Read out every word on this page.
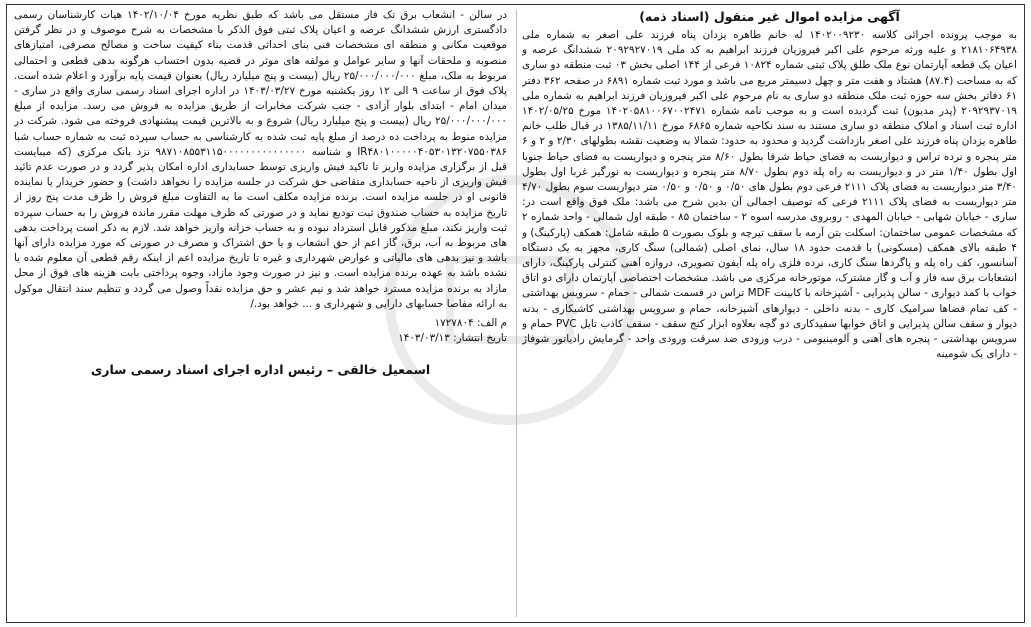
آگهی مزایده اموال غیر منقول (اسناد ذمه)

به موجب پرونده اجرائی کلاسه ۱۴۰۲۰۰۹۲۳۰ له خانم طاهره یزدان پناه فرزند علی اصغر به شماره ملی ۲۱۸۱۰۶۴۹۳۸ و علیه ورثه مرحوم علی اکبر فیروزیان فرزند ابراهیم به کد ملی ۲۰۹۲۹۲۷۰۱۹ ششدانگ عرصه و اعیان یک قطعه آپارتمان نوع ملک طلق پلاک ثبتی شماره ۱۰۸۲۴ فرعی از ۱۴۴ اصلی بخش ۰۳ ثبت منطقه دو ساری که به مساحت (۸۷.۴) هشتاد و هفت متر و چهل دسیمتر مربع می باشد و مورد ثبت شماره ۶۸۹۱ در صفحه ۳۶۲ دفتر ۶۱ دفاتر بخش سه حوزه ثبت ملک منطقه دو ساری به نام مرحوم علی اکبر فیروزیان فرزند ابراهیم به شماره ملی ۲۰۹۲۹۳۷۰۱۹ (پدر مدیون) ثبت گردیده است و به موجب نامه شماره ۱۴۰۲۰۵۸۱۰۰۶۷۰۰۲۴۷۱ مورخ ۱۴۰۲/۰۵/۲۵ اداره ثبت اسناد و املاک منطقه دو ساری مستند به سند نکاحیه شماره ۶۸۶۵ مورخ ۱۳۸۵/۱۱/۱۱ در قبال طلب خانم طاهره یزدان پناه فرزند علی اصغر بازداشت گردید و محدود به حدود: شمالا به وضعیت نقشه بطولهای ۲/۳۰ و ۲ و ۶ متر پنجره و نرده تراس و دیواریست به فضای حیاط شرقا بطول ۸/۶۰ متر پنجره و دیواریست به فضای حیاط جنوبا اول بطول ۱/۴۰ متر در و دیواریست به راه پله دوم بطول ۸/۷۰ متر پنجره و دیواریست به نورگیر غربا اول بطول ۳/۴۰ متر دیواریست به فضای پلاک ۲۱۱۱ فرعی دوم بطول های ۰/۵۰ و ۰/۵۰ و ۰/۵۰ متر دیواریست سوم بطول ۴/۷۰ متر دیواریست به فضای پلاک ۲۱۱۱ فرعی که توصیف اجمالی آن بدین شرح می باشد: ملک فوق واقع است در: ساری - خیابان شهابی - خیابان المهدی - روبروی مدرسه اسوه ۲ - ساختمان ۸۵ - طبقه اول شمالی - واحد شماره ۲ که مشخصات عمومی ساختمان: اسکلت بتن آرمه با سقف تیرچه و بلوک بصورت ۵ طبقه شامل: همکف (پارکینگ) و ۴ طبقه بالای همکف (مسکونی) با قدمت حدود ۱۸ سال، نمای اصلی (شمالی) سنگ کاری، مجهز به یک دستگاه آسانسور، کف راه پله و پاگردها سنگ کاری، نرده فلزی راه پله آیفون تصویری، دروازه آهنی کنترلی پارکینگ، دارای انشعابات برق سه فاز و آب و گاز مشترک، موتورخانه مرکزی می باشد. مشخصات اختصاصی آپارتمان دارای دو اتاق خواب با کمد دیواری - سالن پذیرایی - آشپزخانه با کابینت MDF تراس در قسمت شمالی - حمام - سرویس بهداشتی - کف تمام فضاها سرامیک کاری - بدنه داخلی - دیوارهای آشپزخانه، حمام و سرویس بهداشتی کاشیکاری - بدنه دیوار و سقف سالن پذیرایی و اتاق خوابها سفیدکاری دو گچه بعلاوه ابزار کنج سقف - سقف کاذب تایل PVC حمام و سرویس بهداشتی - پنجره های آهنی و آلومینیومی - درب ورودی ضد سرقت ورودی واحد - گرمایش رادیاتور شوفاژ - دارای یک شومینه

در سالن - انشعاب برق تک فاز مستقل می باشد که طبق نظریه مورخ ۱۴۰۲/۱۰/۰۴ هیات کارشناسان رسمی دادگستری ارزش ششدانگ عرصه و اعیان پلاک ثبتی فوق الذکر با مشخصات به شرح موصوف و در نظر گرفتن موقعیت مکانی و منطقه ای مشخصات فنی بنای احداثی قدمت بناء کیفیت ساخت و مصالح مصرفی، امتیازهای منصوبه و ملحقات آنها و سایر عوامل و مولفه های موثر در قضیه بدون احتساب هرگونه بدهی قطعی و احتمالی مربوط به ملک، مبلغ ۲۵/۰۰۰/۰۰۰/۰۰۰ ریال (بیست و پنج میلیارد ریال) بعنوان قیمت پایه برآورد و اعلام شده است. پلاک فوق از ساعت ۹ الی ۱۲ روز یکشنبه مورخ ۱۴۰۳/۰۳/۲۷ در اداره اجرای اسناد رسمی ساری واقع در ساری - میدان امام - ابتدای بلوار آزادی - جنب شرکت مخابرات از طریق مزایده به فروش می رسد. مزایده از مبلغ ۲۵/۰۰۰/۰۰۰/۰۰۰ ریال (بیست و پنج میلیارد ریال) شروع و به بالاترین قیمت پیشنهادی فروخته می شود. شرکت در مزایده منوط به پرداخت ده درصد از مبلغ پایه ثبت شده به کارشناسی به حساب سپرده ثبت به شماره حساب شبا IR۴۸۰۱۰۰۰۰۰۴۰۵۳۰۱۳۲۰۷۵۵۰۳۸۶ و شناسه ۹۸۷۱۰۸۵۵۳۱۱۵۰۰۰۰۰۰۰۰۰۰۰۰۰۰۰ نزد بانک مرکزی (که میبایست قبل از برگزاری مزایده واریز تا تاکید فیش واریزی توسط حسابداری اداره امکان پذیر گردد و در صورت عدم تائید فیش واریزی از ناحیه حسابداری متقاضی حق شرکت در جلسه مزایده را نخواهد داشت) و حضور خریدار یا نماینده قانونی او در جلسه مزایده است. برنده مزایده مکلف است ما به التفاوت مبلغ فروش را ظرف مدت پنج روز از تاریخ مزایده به حساب صندوق ثبت تودیع نماید و در صورتی که ظرف مهلت مقرر مانده فروش را به حساب سپرده ثبت واریز نکند، مبلغ مذکور قابل استرداد نبوده و به حساب خزانه واریز خواهد شد. لازم به ذکر است پرداخت بدهی های مربوط به آب، برق، گاز اعم از حق انشعاب و یا حق اشتراک و مصرف در صورتی که مورد مزایده دارای آنها باشد و نیز بدهی های مالیاتی و عوارض شهرداری و غیره تا تاریخ مزایده اعم از اینکه رقم قطعی آن معلوم شده یا نشده باشد به عهده برنده مزایده است. و نیز در صورت وجود مازاد، وجوه پرداختی بابت هزینه های فوق از محل مازاد به برنده مزایده مسترد خواهد شد و نیم عشر و حق مزایده نقداً وصول می گردد و تنظیم سند انتقال موکول به ارائه مفاصا حسابهای دارایی و شهرداری و ... خواهد بود./

م الف: ۱۷۲۷۸۰۴
تاریخ انتشار: ۱۴۰۳/۰۳/۱۳
اسمعیل خالقی – رئیس اداره اجرای اسناد رسمی ساری
